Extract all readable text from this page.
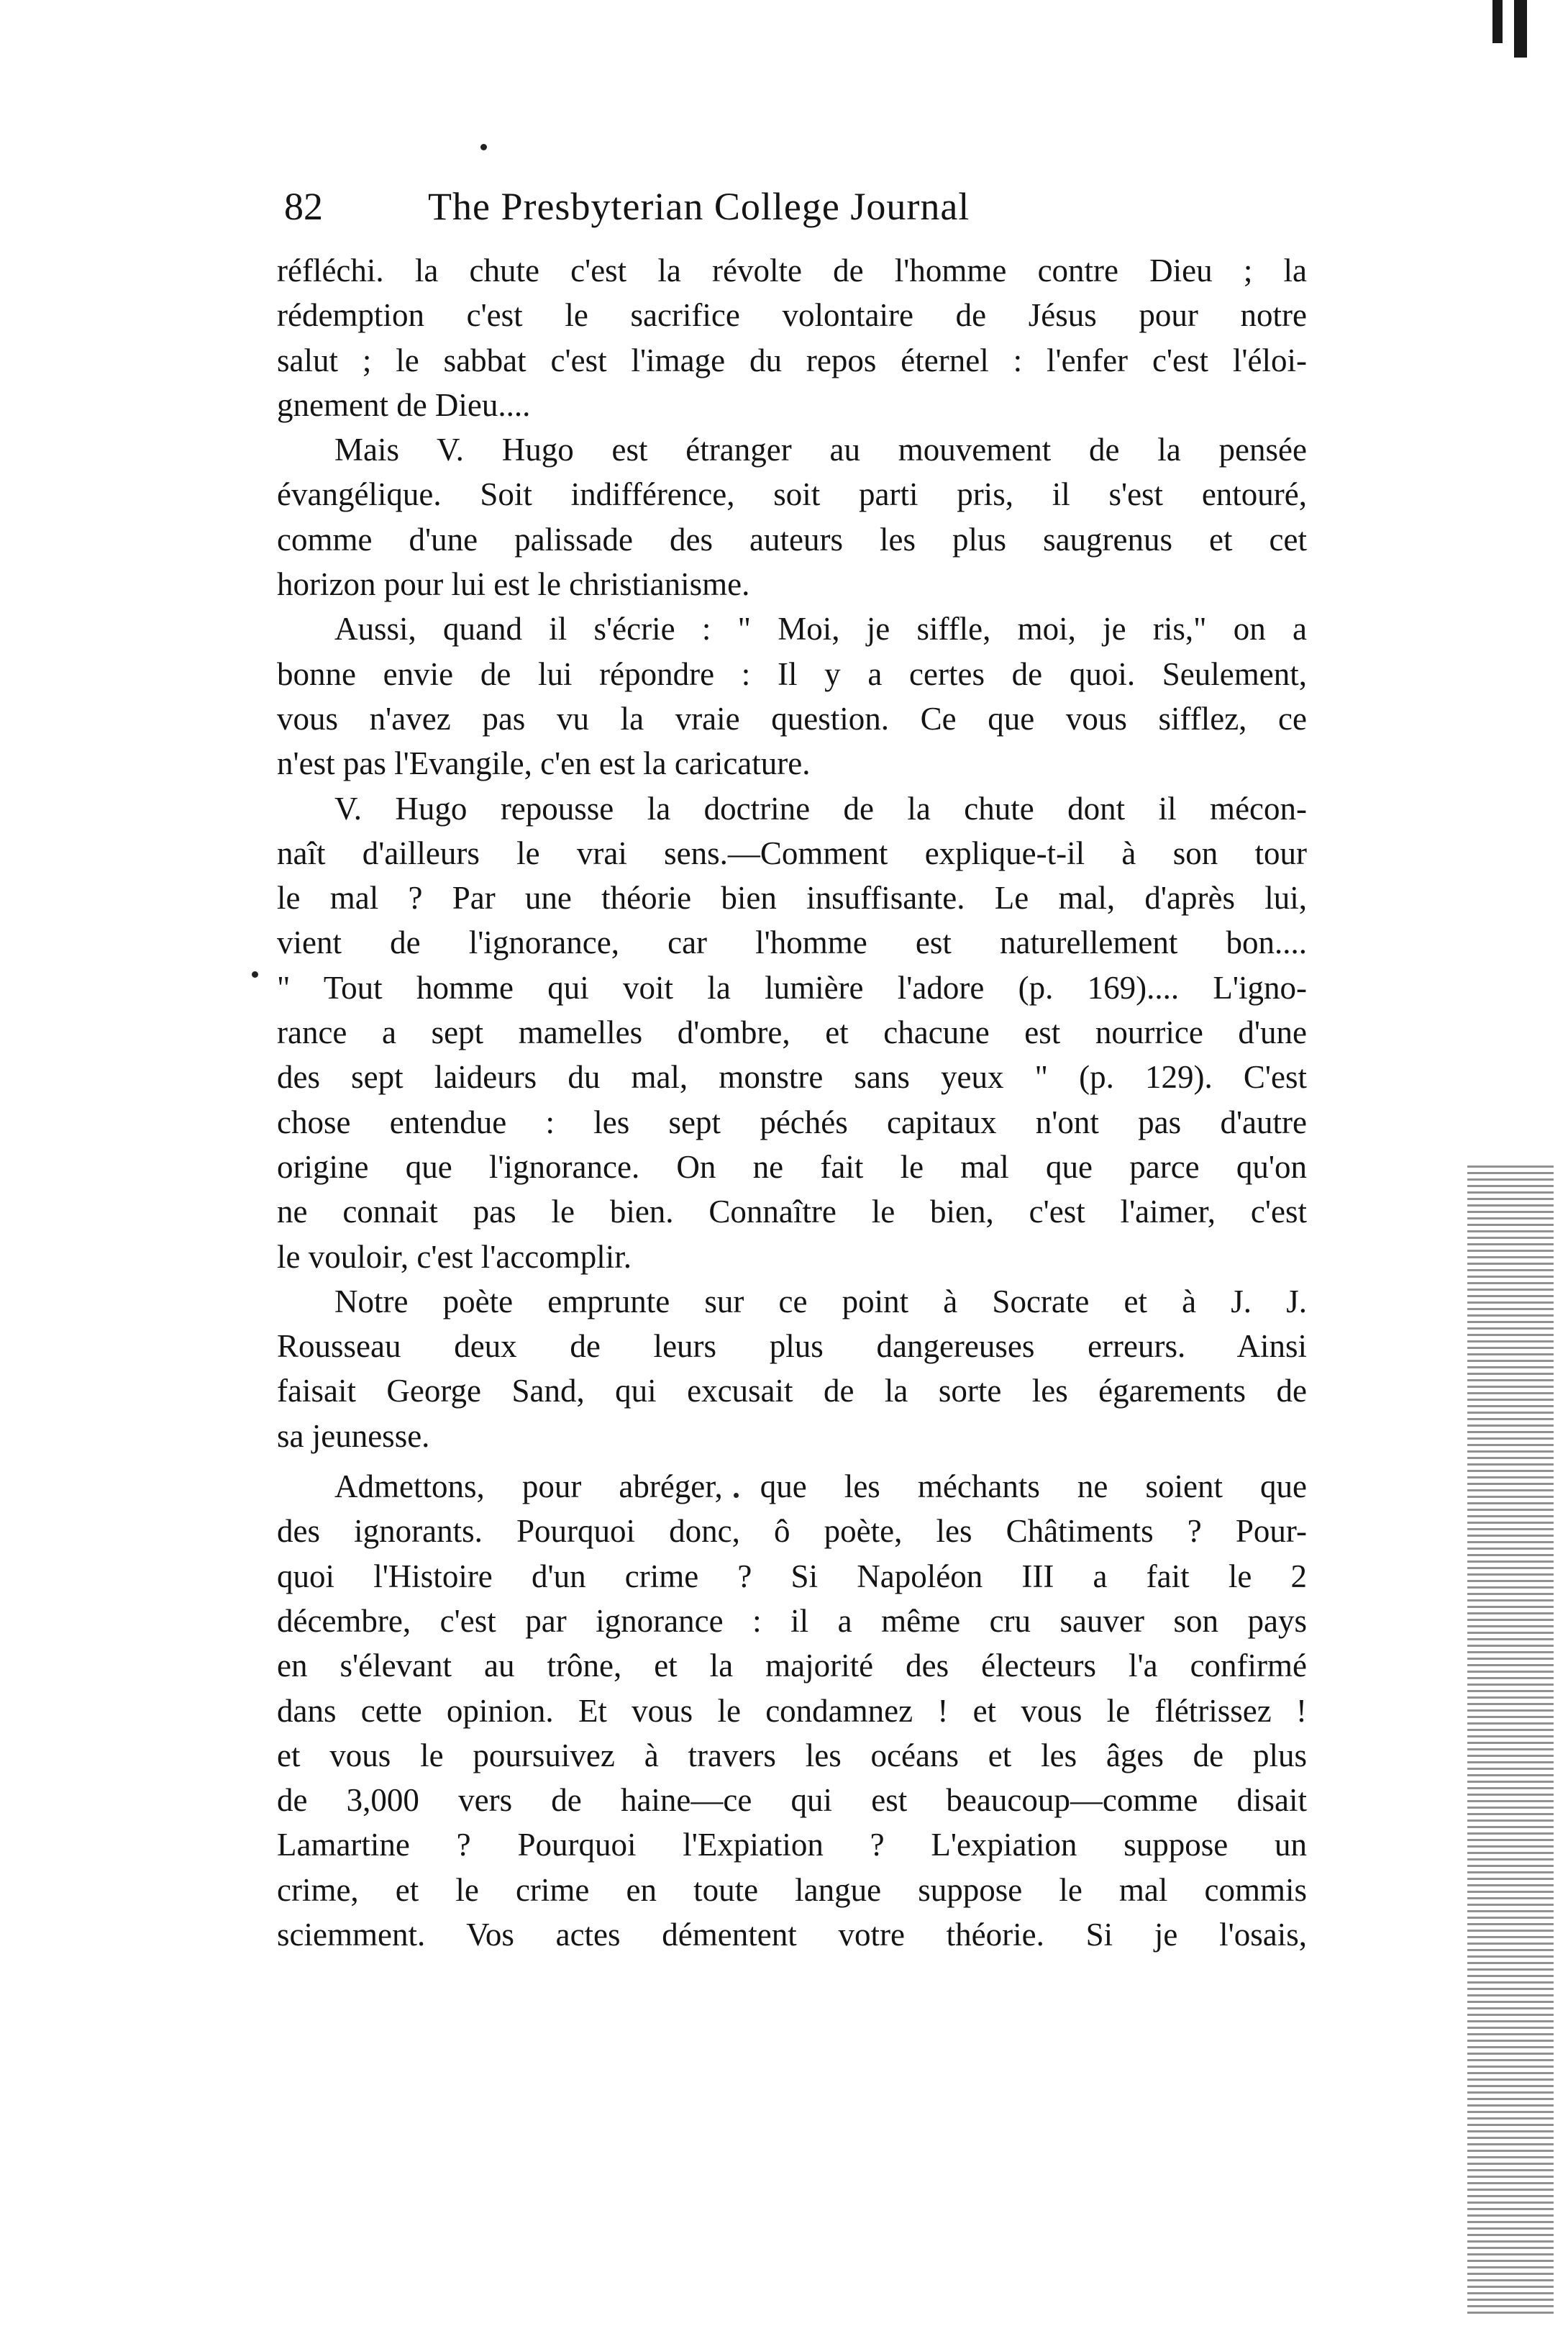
82	The Presbyterian College Journal
réfléchi. la chute c'est la révolte de l'homme contre Dieu ; la
rédemption c'est le sacrifice volontaire de Jésus pour notre
salut ; le sabbat c'est l'image du repos éternel : l'enfer c'est l'éloi-
gnement de Dieu....
Mais V. Hugo est étranger au mouvement de la pensée
évangélique. Soit indifférence, soit parti pris, il s'est entouré,
comme d'une palissade des auteurs les plus saugrenus et cet
horizon pour lui est le christianisme.
Aussi, quand il s'écrie : " Moi, je siffle, moi, je ris," on a
bonne envie de lui répondre : Il y a certes de quoi. Seulement,
vous n'avez pas vu la vraie question. Ce que vous sifflez, ce
n'est pas l'Evangile, c'en est la caricature.
V. Hugo repousse la doctrine de la chute dont il mécon-
naît d'ailleurs le vrai sens.—Comment explique-t-il à son tour
le mal ? Par une théorie bien insuffisante. Le mal, d'après lui,
vient de l'ignorance, car l'homme est naturellement bon....
" Tout homme qui voit la lumière l'adore (p. 169).... L'igno-
rance a sept mamelles d'ombre, et chacune est nourrice d'une
des sept laideurs du mal, monstre sans yeux " (p. 129). C'est
chose entendue : les sept péchés capitaux n'ont pas d'autre
origine que l'ignorance. On ne fait le mal que parce qu'on
ne connait pas le bien. Connaître le bien, c'est l'aimer, c'est
le vouloir, c'est l'accomplir.
Notre poète emprunte sur ce point à Socrate et à J. J.
Rousseau deux de leurs plus dangereuses erreurs. Ainsi
faisait George Sand, qui excusait de la sorte les égarements de
sa jeunesse.
Admettons, pour abréger, que les méchants ne soient que
des ignorants. Pourquoi donc, ô poète, les Châtiments ? Pour-
quoi l'Histoire d'un crime ? Si Napoléon III a fait le 2
décembre, c'est par ignorance : il a même cru sauver son pays
en s'élevant au trône, et la majorité des électeurs l'a confirmé
dans cette opinion. Et vous le condamnez ! et vous le flétrissez !
et vous le poursuivez à travers les océans et les âges de plus
de 3,000 vers de haine—ce qui est beaucoup—comme disait
Lamartine ? Pourquoi l'Expiation ? L'expiation suppose un
crime, et le crime en toute langue suppose le mal commis
sciemment. Vos actes démentent votre théorie. Si je l'osais,
